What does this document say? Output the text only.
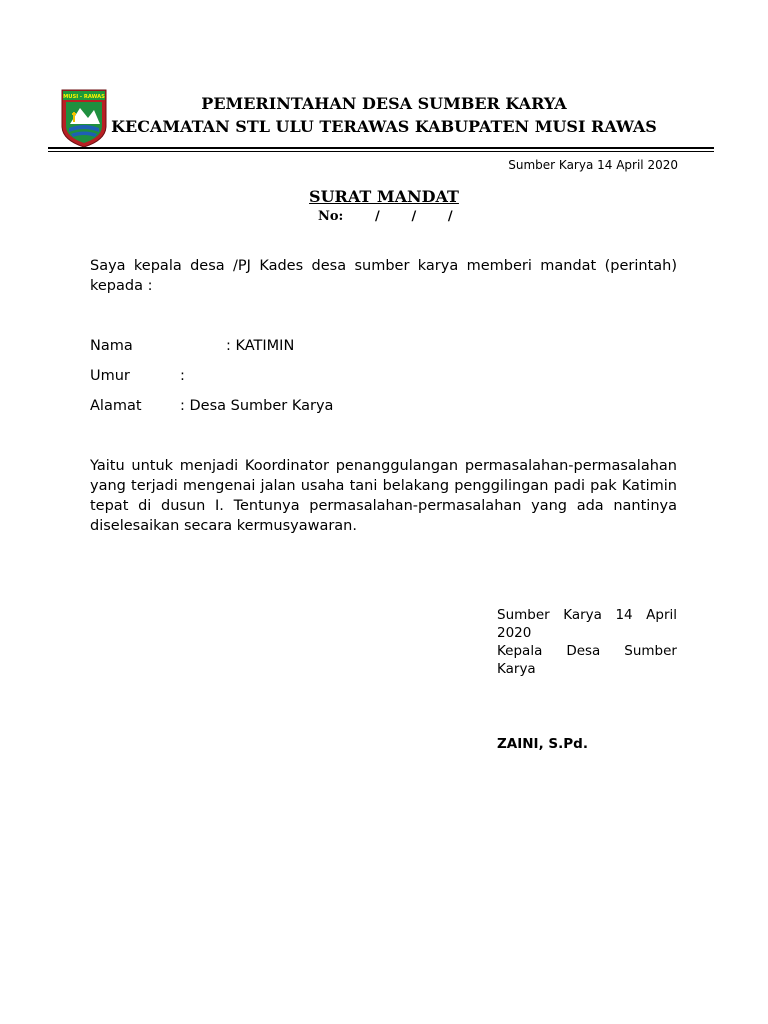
MUSI - RAWAS	PEMERINTAHAN DESA SUMBER KARYA
KECAMATAN STL ULU TERAWAS KABUPATEN MUSI RAWAS
Sumber Karya 14 April 2020
SURAT MANDAT
No: /       /       /
Saya kepala desa /PJ Kades desa sumber karya memberi mandat (perintah) kepada :
Nama	: KATIMIN
Umur	:
Alamat	: Desa Sumber Karya
Yaitu untuk menjadi Koordinator penanggulangan permasalahan-permasalahan yang terjadi mengenai jalan usaha tani belakang penggilingan padi pak Katimin tepat di dusun I. Tentunya permasalahan-permasalahan yang ada nantinya diselesaikan secara kermusyawaran.
Sumber Karya 14 April
2020
Kepala Desa Sumber
Karya
ZAINI, S.Pd.
